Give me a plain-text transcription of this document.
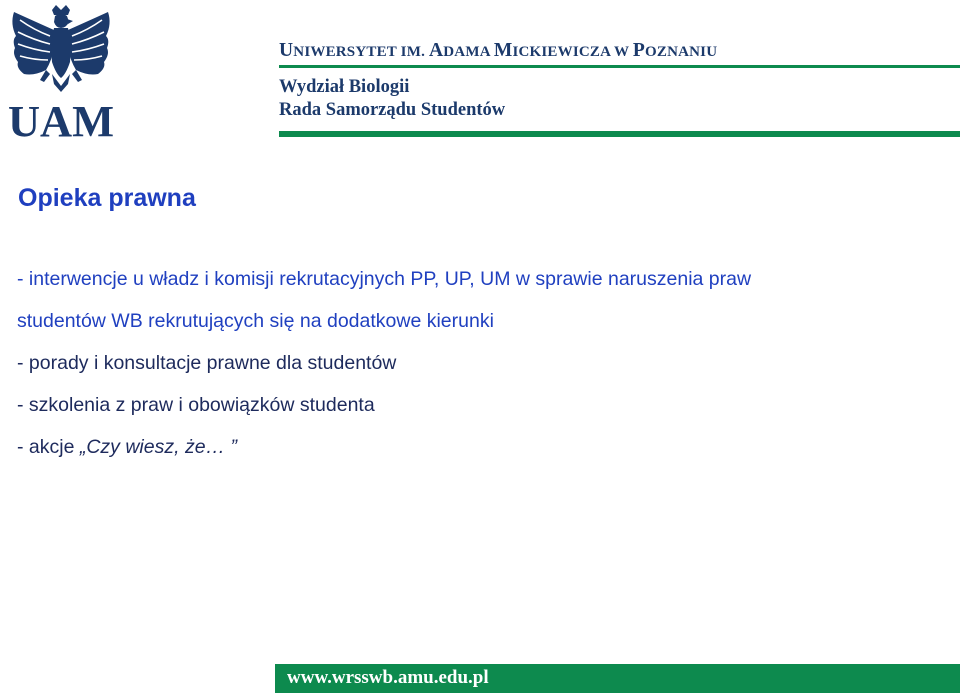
UAM
UNIWERSYTET IM. ADAMA MICKIEWICZA W POZNANIU
Wydział Biologii
Rada Samorządu Studentów
Opieka prawna

- interwencje u władz i komisji rekrutacyjnych PP, UP, UM w sprawie naruszenia praw

studentów WB rekrutujących się na dodatkowe kierunki

- porady i konsultacje prawne dla studentów

- szkolenia z praw i obowiązków studenta

- akcje „Czy wiesz, że… ”

www.wrsswb.amu.edu.pl
